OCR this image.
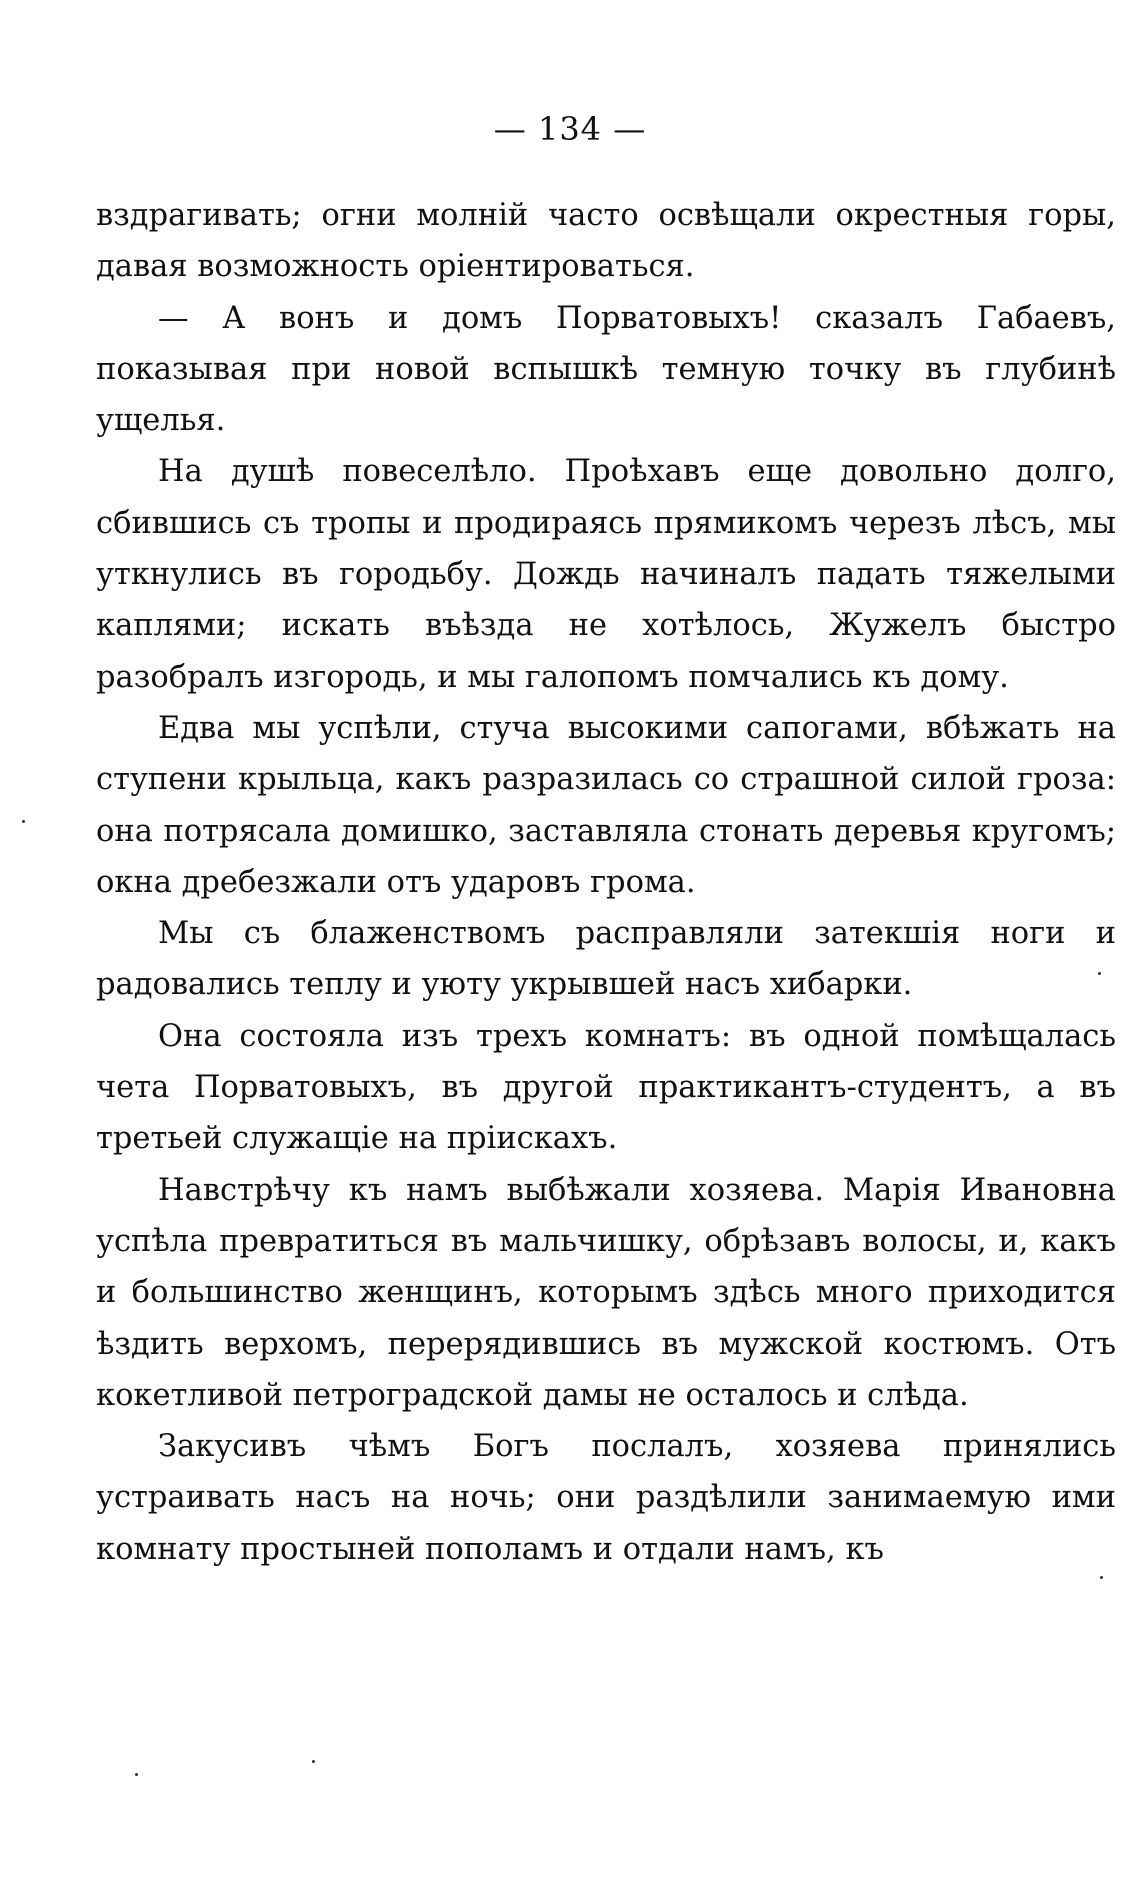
— 134 —

вздрагивать; огни молній часто освѣщали окрестныя горы, давая возможность оріентироваться.

— А вонъ и домъ Порватовыхъ! сказалъ Габаевъ, показывая при новой вспышкѣ темную точку въ глубинѣ ущелья.

На душѣ повеселѣло. Проѣхавъ еще довольно долго, сбившись съ тропы и продираясь прямикомъ черезъ лѣсъ, мы уткнулись въ городьбу. Дождь начиналъ падать тяжелыми каплями; искать въѣзда не хотѣлось, Жужелъ быстро разобралъ изгородь, и мы галопомъ помчались къ дому.

Едва мы успѣли, стуча высокими сапогами, вбѣжать на ступени крыльца, какъ разразилась со страшной силой гроза: она потрясала домишко, заставляла стонать деревья кругомъ; окна дребезжали отъ ударовъ грома.

Мы съ блаженствомъ расправляли затекшія ноги и радовались теплу и уюту укрывшей насъ хибарки.

Она состояла изъ трехъ комнатъ: въ одной помѣщалась чета Порватовыхъ, въ другой практикантъ-студентъ, а въ третьей служащіе на пріискахъ.

Навстрѣчу къ намъ выбѣжали хозяева. Марія Ивановна успѣла превратиться въ мальчишку, обрѣзавъ волосы, и, какъ и большинство женщинъ, которымъ здѣсь много приходится ѣздить верхомъ, перерядившись въ мужской костюмъ. Отъ кокетливой петроградской дамы не осталось и слѣда.

Закусивъ чѣмъ Богъ послалъ, хозяева принялись устраивать насъ на ночь; они раздѣлили занимаемую ими комнату простыней пополамъ и отдали намъ, къ
